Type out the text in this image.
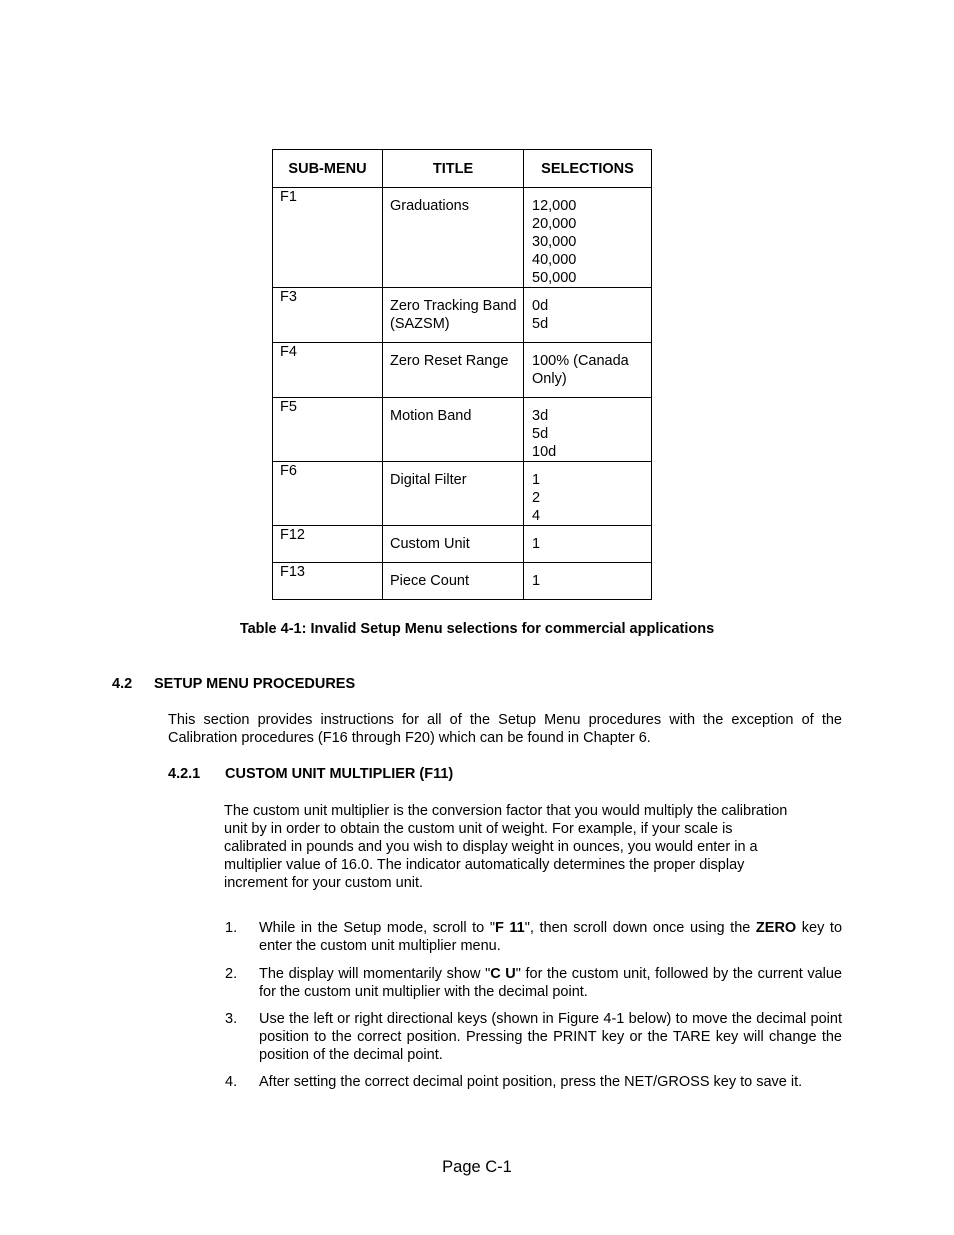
SUB-MENU	TITLE	SELECTIONS
F1	Graduations	12,000
20,000
30,000
40,000
50,000

F3	Zero Tracking Band (SAZSM)	0d
5d

F4	Zero Reset Range	100% (Canada Only)

F5	Motion Band	3d
5d
10d

F6	Digital Filter	1
2
4

F12	Custom Unit	1

F13	Piece Count	1
Table 4-1: Invalid Setup Menu selections for commercial applications
4.2 SETUP MENU PROCEDURES
This section provides instructions for all of the Setup Menu procedures with the exception of the Calibration procedures (F16 through F20) which can be found in Chapter 6.
4.2.1 CUSTOM UNIT MULTIPLIER (F11)
The custom unit multiplier is the conversion factor that you would multiply the calibration
unit by in order to obtain the custom unit of weight. For example, if your scale is
calibrated in pounds and you wish to display weight in ounces, you would enter in a
multiplier value of 16.0. The indicator automatically determines the proper display
increment for your custom unit.
1. While in the Setup mode, scroll to "F 11", then scroll down once using the ZERO key to enter the custom unit multiplier menu.
2. The display will momentarily show "C U" for the custom unit, followed by the current value for the custom unit multiplier with the decimal point.
3. Use the left or right directional keys (shown in Figure 4-1 below) to move the decimal point position to the correct position. Pressing the PRINT key or the TARE key will change the position of the decimal point.
4. After setting the correct decimal point position, press the NET/GROSS key to save it.
Page C-1
